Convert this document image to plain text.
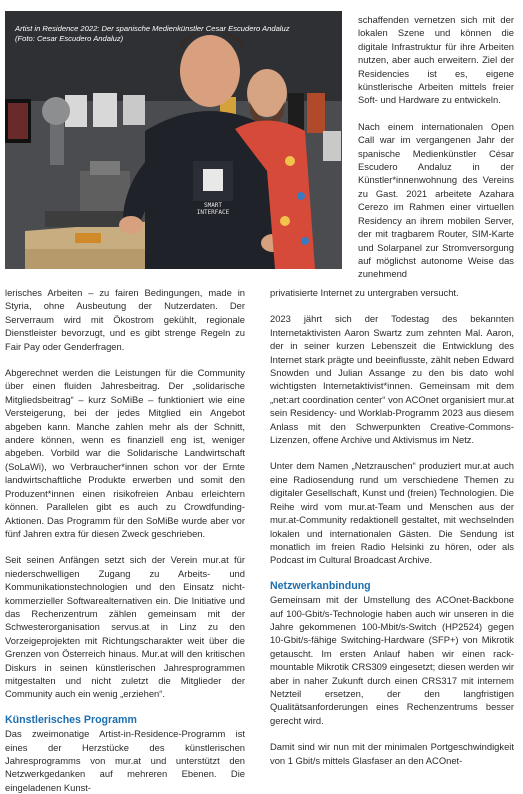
SMART
INTERFACE
Artist in Residence 2022: Der spanische Medienkünstler Cesar Escudero Andaluz
(Foto: Cesar Escudero Andaluz)

schaffenden vernetzen sich mit der lokalen Szene und können die digitale Infrastruktur für ihre Arbeiten nutzen, aber auch erweitern. Ziel der Residencies ist es, eigene künstlerische Arbeiten mittels freier Soft- und Hardware zu entwickeln.

Nach einem internationalen Open Call war im vergangenen Jahr der spanische Medienkünstler César Escudero Andaluz in der Künstler*innenwohnung des Vereins zu Gast. 2021 arbeitete Azahara Cerezo im Rahmen einer virtuellen Residency an ihrem mobilen Server, der mit tragbarem Router, SIM-Karte und Solarpanel zur Stromversorgung auf möglichst autonome Weise das zunehmend

lerisches Arbeiten – zu fairen Bedingungen, made in Styria, ohne Ausbeutung der Nutzerdaten. Der Serverraum wird mit Ökostrom gekühlt, regionale Dienstleister bevorzugt, und es gibt strenge Regeln zu Fair Pay oder Genderfragen.

Abgerechnet werden die Leistungen für die Community über einen fluiden Jahresbeitrag. Der „solidarische Mitgliedsbeitrag“ – kurz SoMiBe – funktioniert wie eine Versteigerung, bei der jedes Mitglied ein Angebot abgeben kann. Manche zahlen mehr als der Schnitt, andere können, wenn es finanziell eng ist, weniger abgeben. Vorbild war die Solidarische Landwirtschaft (SoLaWi), wo Verbraucher*innen schon vor der Ernte landwirtschaftliche Produkte erwerben und somit den Produzent*innen einen risikofreien Anbau erleichtern können. Parallelen gibt es auch zu Crowdfunding-Aktionen. Das Programm für den SoMiBe wurde aber vor fünf Jahren extra für diesen Zweck geschrieben.

Seit seinen Anfängen setzt sich der Verein mur.at für niederschwelligen Zugang zu Arbeits- und Kommunikationstechnologien und den Einsatz nicht-kommerzieller Softwarealternativen ein. Die Initiative und das Rechenzentrum zählen gemeinsam mit der Schwesterorganisation servus.at in Linz zu den Vorzeigeprojekten mit Richtungscharakter weit über die Grenzen von Österreich hinaus. Mur.at will den kritischen Diskurs in seinen künstlerischen Jahresprogrammen mitgestalten und nicht zuletzt die Mitglieder der Community auch ein wenig „erziehen“.

Künstlerisches Programm

Das zweimonatige Artist-in-Residence-Programm ist eines der Herzstücke des künstlerischen Jahresprogramms von mur.at und unterstützt den Netzwerkgedanken auf mehreren Ebenen. Die eingeladenen Kunst-

privatisierte Internet zu untergraben versucht.

2023 jährt sich der Todestag des bekannten Internetaktivisten Aaron Swartz zum zehnten Mal. Aaron, der in seiner kurzen Lebenszeit die Entwicklung des Internet stark prägte und beeinflusste, zählt neben Edward Snowden und Julian Assange zu den bis dato wohl wichtigsten Internetaktivist*innen. Gemeinsam mit dem „net:art coordination center“ von ACOnet organisiert mur.at sein Residency- und Worklab-Programm 2023 aus diesem Anlass mit den Schwerpunkten Creative-Commons-Lizenzen, offene Archive und Aktivismus im Netz.

Unter dem Namen „Netzrauschen“ produziert mur.at auch eine Radiosendung rund um verschiedene Themen zu digitaler Gesellschaft, Kunst und (freien) Technologien. Die Reihe wird vom mur.at-Team und Menschen aus der mur.at-Community redaktionell gestaltet, mit wechselnden lokalen und internationalen Gästen. Die Sendung ist monatlich im freien Radio Helsinki zu hören, oder als Podcast im Cultural Broadcast Archive.

Netzwerkanbindung

Gemeinsam mit der Umstellung des ACOnet-Backbone auf 100-Gbit/s-Technologie haben auch wir unseren in die Jahre gekommenen 100-Mbit/s-Switch (HP2524) gegen 10-Gbit/s-fähige Switching-Hardware (SFP+) von Mikrotik getauscht. Im ersten Anlauf haben wir einen rack-mountable Mikrotik CRS309 eingesetzt; diesen werden wir aber in naher Zukunft durch einen CRS317 mit internem Netzteil ersetzen, der den langfristigen Qualitätsanforderungen eines Rechenzentrums besser gerecht wird.

Damit sind wir nun mit der minimalen Portgeschwindigkeit von 1 Gbit/s mittels Glasfaser an den ACOnet-
